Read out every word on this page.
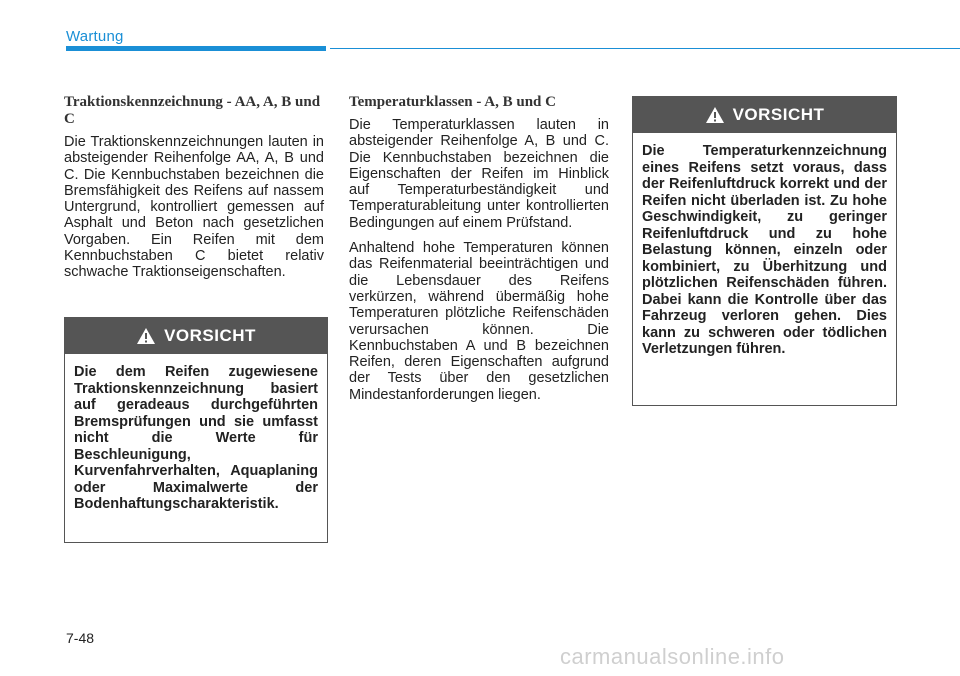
Wartung

Traktionskennzeichnung - AA, A, B und C

Die Traktionskennzeichnungen lauten in absteigender Reihenfolge AA, A, B und C. Die Kennbuchstaben bezeichnen die Bremsfähigkeit des Reifens auf nassem Untergrund, kontrolliert gemessen auf Asphalt und Beton nach gesetzlichen Vorgaben. Ein Reifen mit dem Kennbuchstaben C bietet relativ schwache Traktionseigenschaften.

VORSICHT
Die dem Reifen zugewiesene Traktionskennzeichnung basiert auf geradeaus durchgeführten Bremsprüfungen und sie umfasst nicht die Werte für Beschleunigung, Kurvenfahrverhalten, Aquaplaning oder Maximalwerte der Bodenhaftungscharakteristik.

Temperaturklassen - A, B und C

Die Temperaturklassen lauten in absteigender Reihenfolge A, B und C. Die Kennbuchstaben bezeichnen die Eigenschaften der Reifen im Hinblick auf Temperaturbeständigkeit und Temperaturableitung unter kontrollierten Bedingungen auf einem Prüfstand.

Anhaltend hohe Temperaturen können das Reifenmaterial beeinträchtigen und die Lebensdauer des Reifens verkürzen, während übermäßig hohe Temperaturen plötzliche Reifenschäden verursachen können. Die Kennbuchstaben A und B bezeichnen Reifen, deren Eigenschaften aufgrund der Tests über den gesetzlichen Mindestanforderungen liegen.

VORSICHT
Die Temperaturkennzeichnung eines Reifens setzt voraus, dass der Reifenluftdruck korrekt und der Reifen nicht überladen ist. Zu hohe Geschwindigkeit, zu geringer Reifenluftdruck und zu hohe Belastung können, einzeln oder kombiniert, zu Überhitzung und plötzlichen Reifenschäden führen. Dabei kann die Kontrolle über das Fahrzeug verloren gehen. Dies kann zu schweren oder tödlichen Verletzungen führen.
7-48
carmanualsonline.info
